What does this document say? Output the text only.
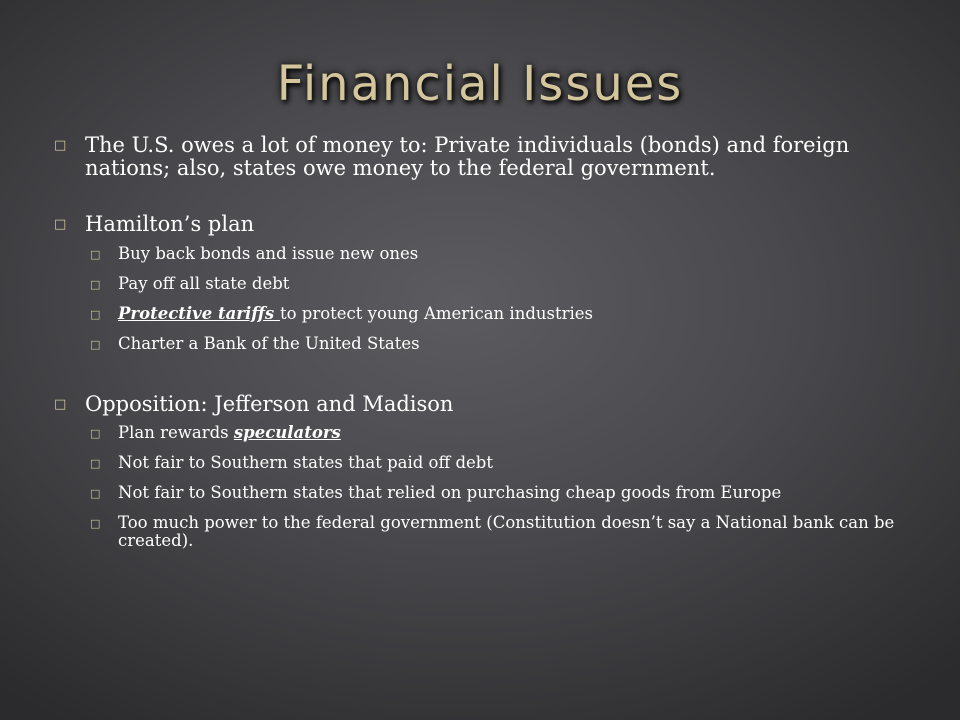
Financial Issues

□ The U.S. owes a lot of money to: Private individuals (bonds) and foreign nations; also, states owe money to the federal government.

□ Hamilton’s plan

□ Buy back bonds and issue new ones

□ Pay off all state debt

□ Protective tariffs to protect young American industries

□ Charter a Bank of the United States

□ Opposition: Jefferson and Madison

□ Plan rewards speculators

□ Not fair to Southern states that paid off debt

□ Not fair to Southern states that relied on purchasing cheap goods from Europe

□ Too much power to the federal government (Constitution doesn’t say a National bank can be created).
